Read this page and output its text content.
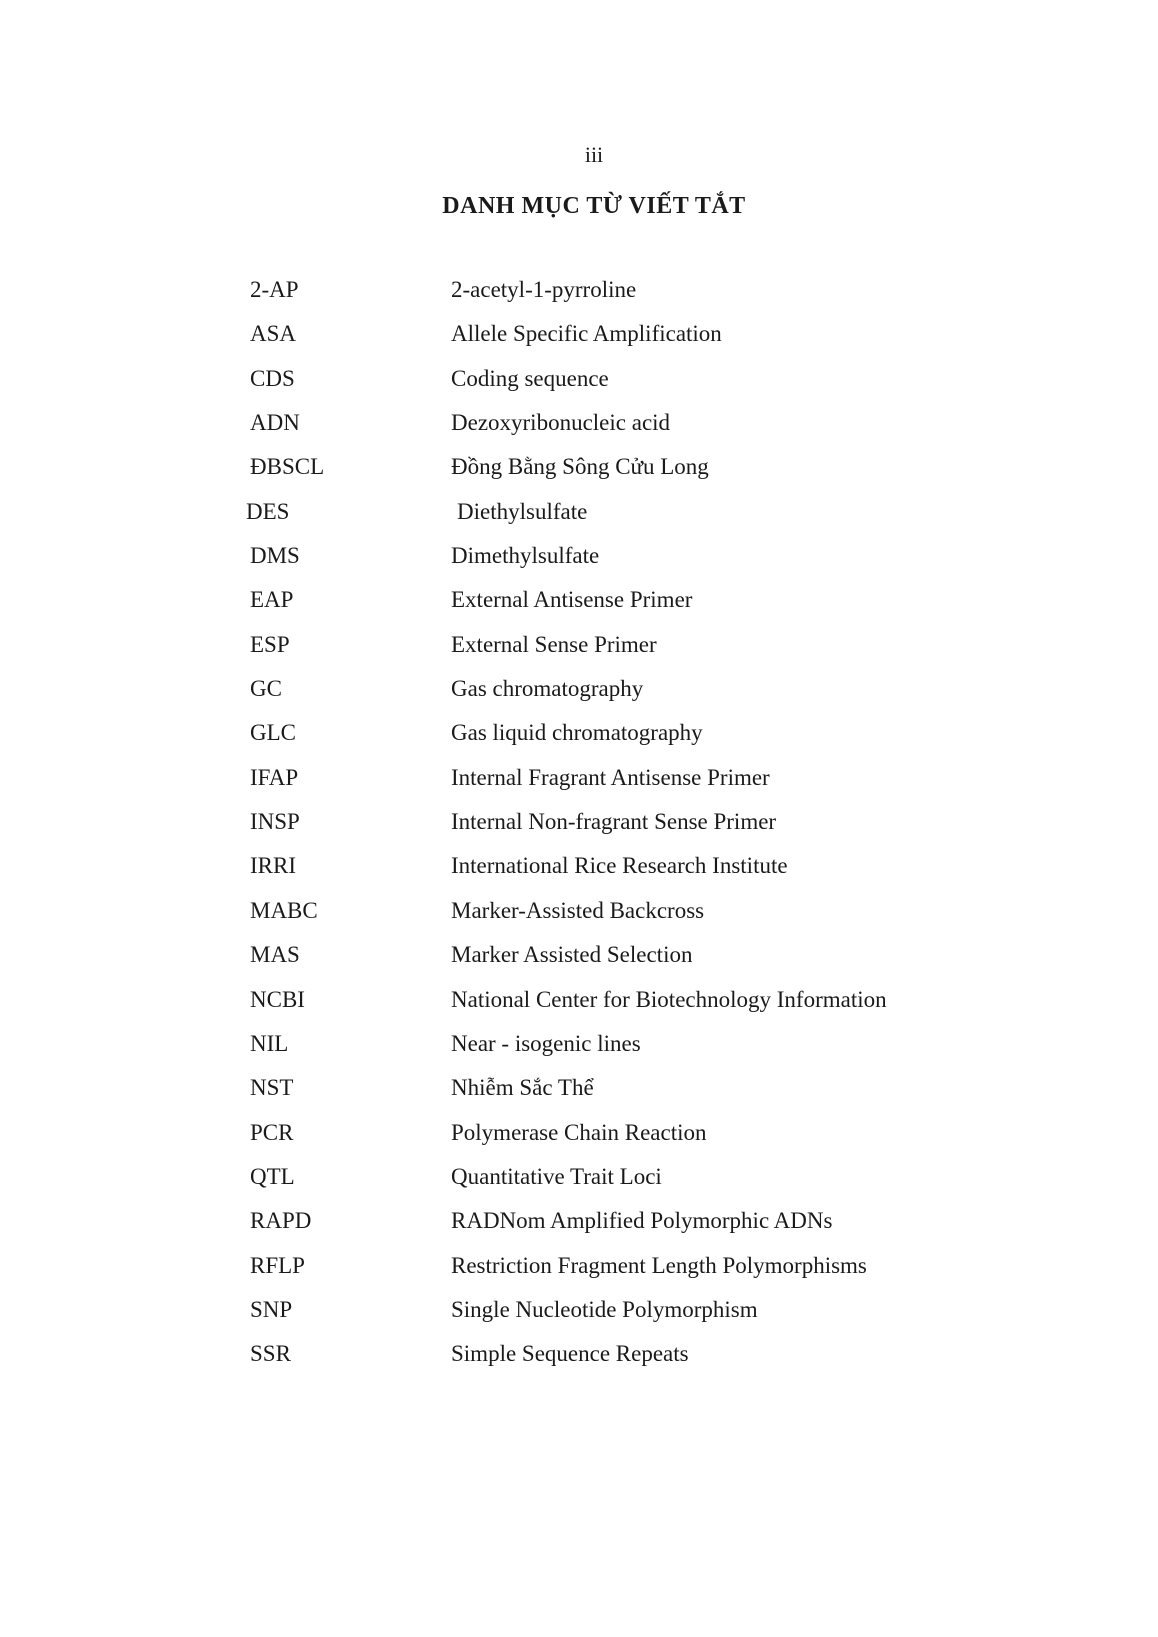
iii
DANH MỤC TỪ VIẾT TẮT
2-AP	2-acetyl-1-pyrroline
ASA	Allele Specific Amplification
CDS	Coding sequence
ADN	Dezoxyribonucleic acid
ĐBSCL	Đồng Bằng Sông Cửu Long
DES	Diethylsulfate
DMS	Dimethylsulfate
EAP	External Antisense Primer
ESP	External Sense Primer
GC	Gas chromatography
GLC	Gas liquid chromatography
IFAP	Internal Fragrant Antisense Primer
INSP	Internal Non-fragrant Sense Primer
IRRI	International Rice Research Institute
MABC	Marker-Assisted Backcross
MAS	Marker Assisted Selection
NCBI	National Center for Biotechnology Information
NIL	Near - isogenic lines
NST	Nhiễm Sắc Thể
PCR	Polymerase Chain Reaction
QTL	Quantitative Trait Loci
RAPD	RADNom Amplified Polymorphic ADNs
RFLP	Restriction Fragment Length Polymorphisms
SNP	Single Nucleotide Polymorphism
SSR	Simple Sequence Repeats
